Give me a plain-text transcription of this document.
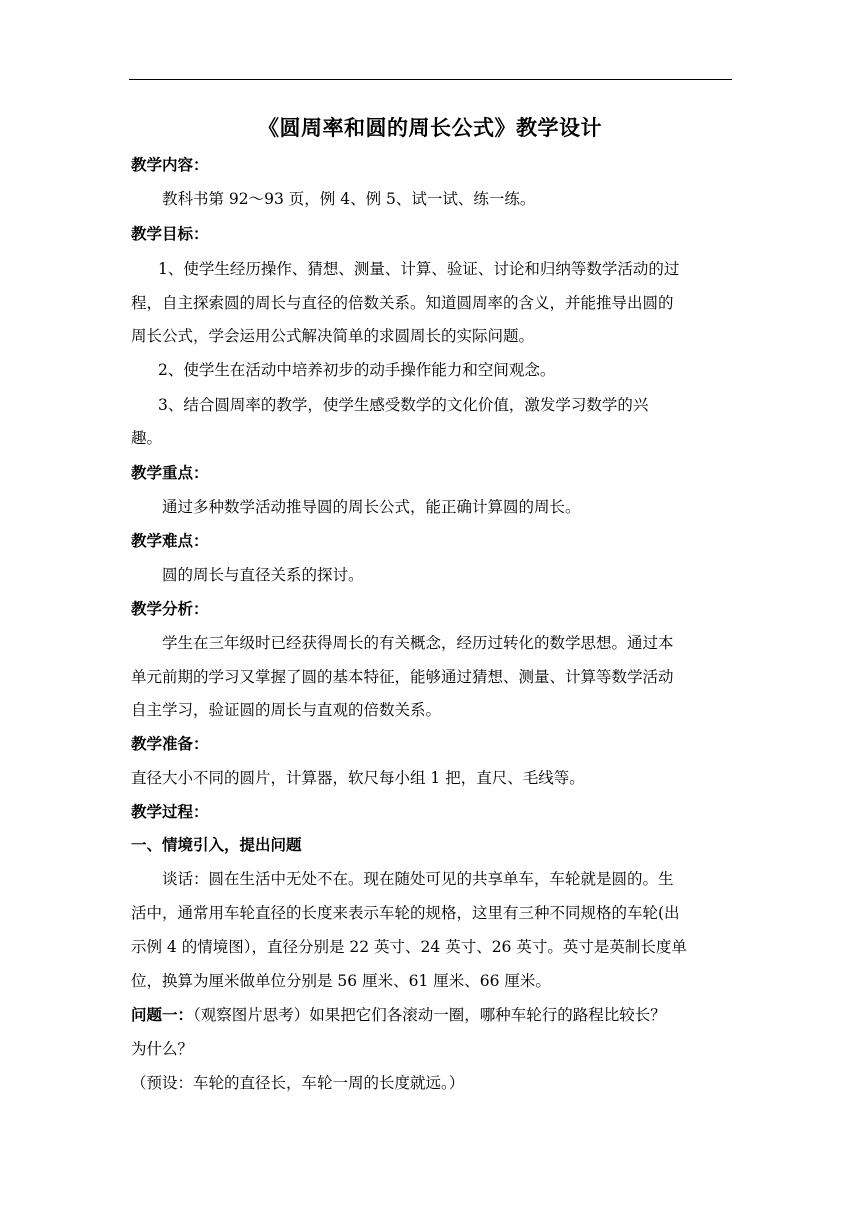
《圆周率和圆的周长公式》教学设计

教学内容：

教科书第 92～93 页，例 4、例 5、试一试、练一练。

教学目标：

1、使学生经历操作、猜想、测量、计算、验证、讨论和归纳等数学活动的过

程，自主探索圆的周长与直径的倍数关系。知道圆周率的含义，并能推导出圆的

周长公式，学会运用公式解决简单的求圆周长的实际问题。

2、使学生在活动中培养初步的动手操作能力和空间观念。

3、结合圆周率的教学，使学生感受数学的文化价值，激发学习数学的兴

趣。

教学重点：

通过多种数学活动推导圆的周长公式，能正确计算圆的周长。

教学难点：

圆的周长与直径关系的探讨。

教学分析：

学生在三年级时已经获得周长的有关概念，经历过转化的数学思想。通过本

单元前期的学习又掌握了圆的基本特征，能够通过猜想、测量、计算等数学活动

自主学习，验证圆的周长与直观的倍数关系。

教学准备：

直径大小不同的圆片，计算器，软尺每小组 1 把，直尺、毛线等。

教学过程：

一、情境引入，提出问题

谈话：圆在生活中无处不在。现在随处可见的共享单车，车轮就是圆的。生

活中，通常用车轮直径的长度来表示车轮的规格，这里有三种不同规格的车轮(出

示例 4 的情境图），直径分别是 22 英寸、24 英寸、26 英寸。英寸是英制长度单

位，换算为厘米做单位分别是 56 厘米、61 厘米、66 厘米。

问题一：（观察图片思考）如果把它们各滚动一圈，哪种车轮行的路程比较长？

为什么？

（预设：车轮的直径长，车轮一周的长度就远。）
